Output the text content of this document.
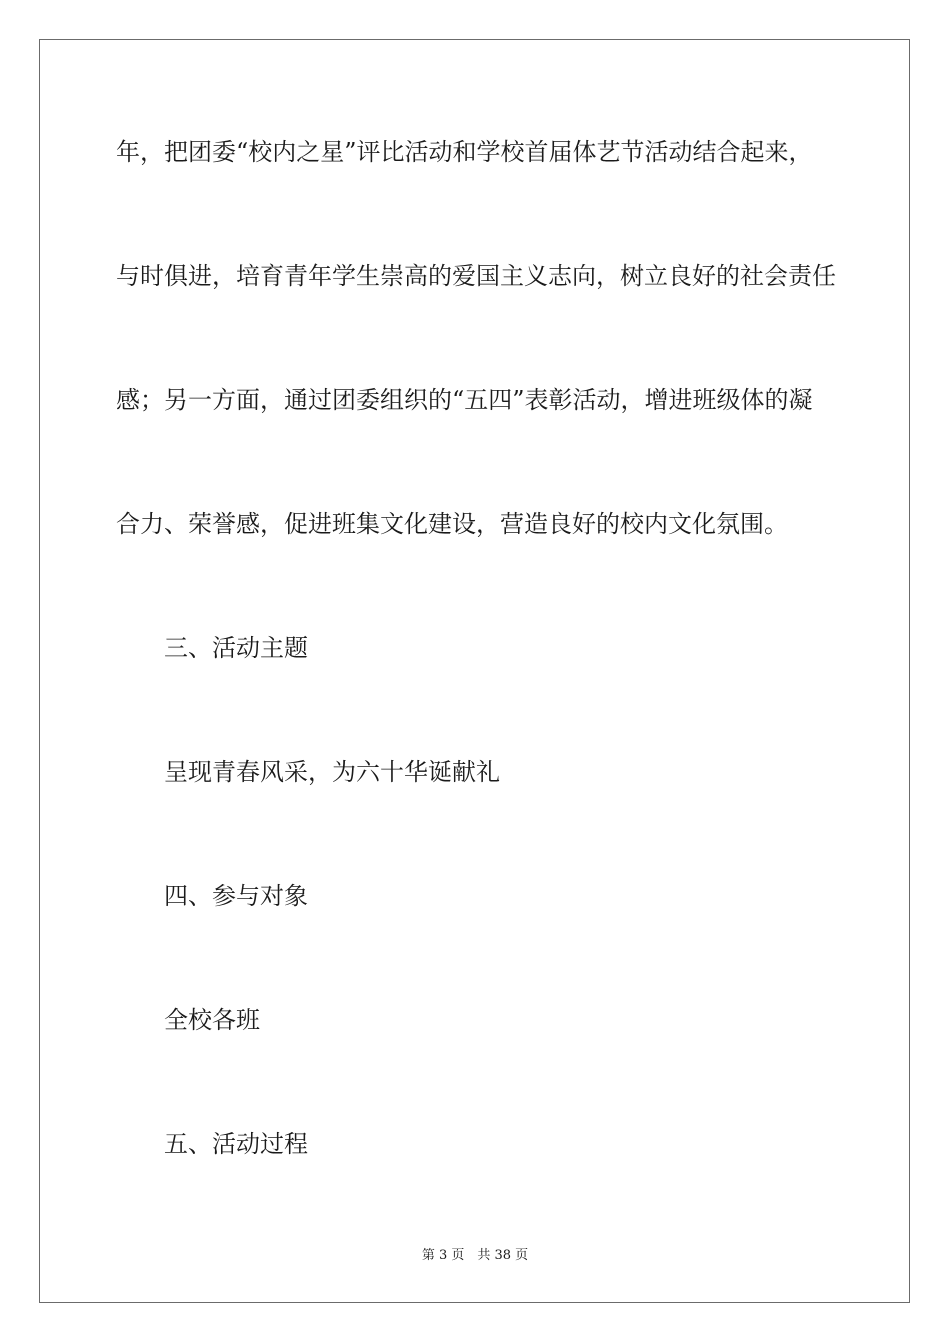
年，把团委“校内之星”评比活动和学校首届体艺节活动结合起来，

与时俱进，培育青年学生崇高的爱国主义志向，树立良好的社会责任

感；另一方面，通过团委组织的“五四”表彰活动，增进班级体的凝

合力、荣誉感，促进班集文化建设，营造良好的校内文化氛围。

三、活动主题

呈现青春风采，为六十华诞献礼

四、参与对象

全校各班

五、活动过程

第 3 页　共 38 页
